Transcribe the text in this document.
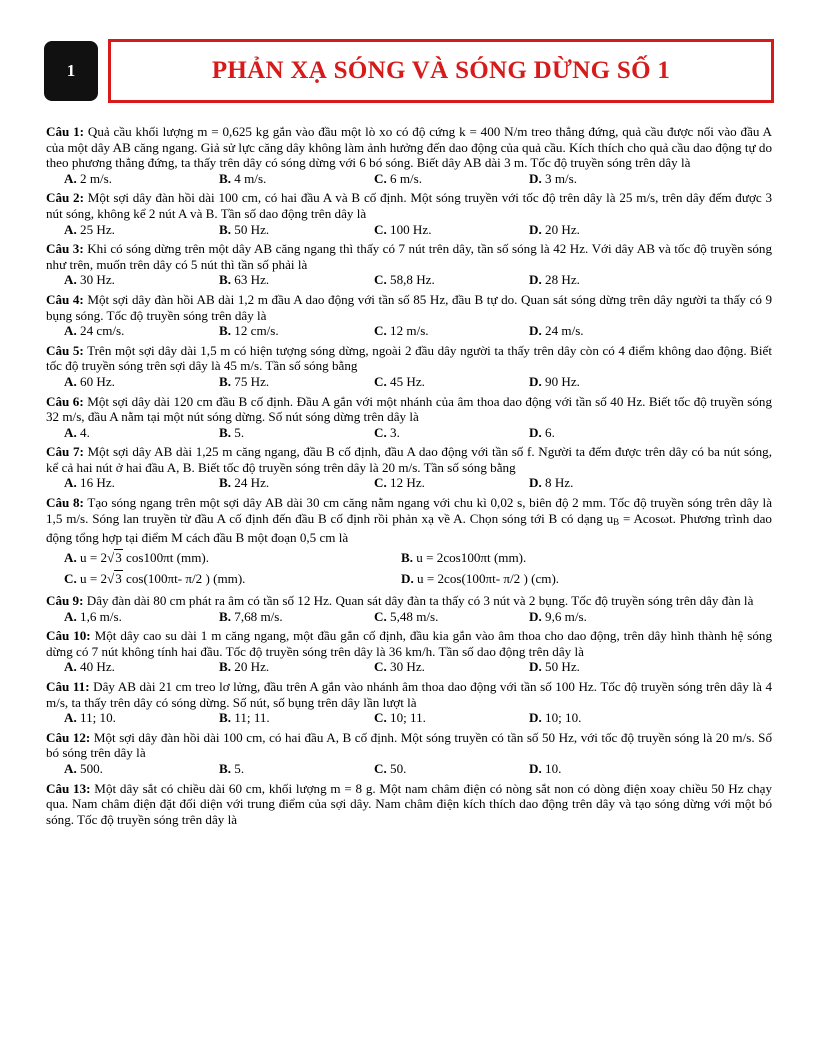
1	PHẢN XẠ SÓNG VÀ SÓNG DỪNG SỐ 1
Câu 1: Quả cầu khối lượng m = 0,625 kg gắn vào đầu một lò xo có độ cứng k = 400 N/m treo thẳng đứng, quả cầu được nối vào đầu A của một dây AB căng ngang. Giả sử lực căng dây không làm ảnh hưởng đến dao động của quả cầu. Kích thích cho quả cầu dao động tự do theo phương thẳng đứng, ta thấy trên dây có sóng dừng với 6 bó sóng. Biết dây AB dài 3 m. Tốc độ truyền sóng trên dây là
A. 2 m/s.	B. 4 m/s.	C. 6 m/s.	D. 3 m/s.
Câu 2: Một sợi dây đàn hồi dài 100 cm, có hai đầu A và B cố định. Một sóng truyền với tốc độ trên dây là 25 m/s, trên dây đếm được 3 nút sóng, không kể 2 nút A và B. Tần số dao động trên dây là
A. 25 Hz.	B. 50 Hz.	C. 100 Hz.	D. 20 Hz.
Câu 3: Khi có sóng dừng trên một dây AB căng ngang thì thấy có 7 nút trên dây, tần số sóng là 42 Hz. Với dây AB và tốc độ truyền sóng như trên, muốn trên dây có 5 nút thì tần số phải là
A. 30 Hz.	B. 63 Hz.	C. 58,8 Hz.	D. 28 Hz.
Câu 4: Một sợi dây đàn hồi AB dài 1,2 m đầu A dao động với tần số 85 Hz, đầu B tự do. Quan sát sóng dừng trên dây người ta thấy có 9 bụng sóng. Tốc độ truyền sóng trên dây là
A. 24 cm/s.	B. 12 cm/s.	C. 12 m/s.	D. 24 m/s.
Câu 5: Trên một sợi dây dài 1,5 m có hiện tượng sóng dừng, ngoài 2 đầu dây người ta thấy trên dây còn có 4 điểm không dao động. Biết tốc độ truyền sóng trên sợi dây là 45 m/s. Tần số sóng bằng
A. 60 Hz.	B. 75 Hz.	C. 45 Hz.	D. 90 Hz.
Câu 6: Một sợi dây dài 120 cm đầu B cố định. Đầu A gắn với một nhánh của âm thoa dao động với tần số 40 Hz. Biết tốc độ truyền sóng 32 m/s, đầu A nằm tại một nút sóng dừng. Số nút sóng dừng trên dây là
A. 4.	B. 5.	C. 3.	D. 6.
Câu 7: Một sợi dây AB dài 1,25 m căng ngang, đầu B cố định, đầu A dao động với tần số f. Người ta đếm được trên dây có ba nút sóng, kể cả hai nút ở hai đầu A, B. Biết tốc độ truyền sóng trên dây là 20 m/s. Tần số sóng bằng
A. 16 Hz.	B. 24 Hz.	C. 12 Hz.	D. 8 Hz.
Câu 8: Tạo sóng ngang trên một sợi dây AB dài 30 cm căng nằm ngang với chu kì 0,02 s, biên độ 2 mm. Tốc độ truyền sóng trên dây là 1,5 m/s. Sóng lan truyền từ đầu A cố định đến đầu B cố định rồi phản xạ về A. Chọn sóng tới B có dạng $u_B = Acos\omega t$. Phương trình dao động tổng hợp tại điểm M cách đầu B một đoạn 0,5 cm là
A. u = 2√3 cos100πt (mm).	B. u = 2cos100πt (mm).
C. u = 2√3 cos(100πt- π/2 ) (mm).	D. u = 2cos(100πt- π/2 ) (cm).
Câu 9: Dây đàn dài 80 cm phát ra âm có tần số 12 Hz. Quan sát dây đàn ta thấy có 3 nút và 2 bụng. Tốc độ truyền sóng trên dây đàn là
A. 1,6 m/s.	B. 7,68 m/s.	C. 5,48 m/s.	D. 9,6 m/s.
Câu 10: Một dây cao su dài 1 m căng ngang, một đầu gắn cố định, đầu kia gắn vào âm thoa cho dao động, trên dây hình thành hệ sóng dừng có 7 nút không tính hai đầu. Tốc độ truyền sóng trên dây là 36 km/h. Tần số dao động trên dây là
A. 40 Hz.	B. 20 Hz.	C. 30 Hz.	D. 50 Hz.
Câu 11: Dây AB dài 21 cm treo lơ lửng, đầu trên A gắn vào nhánh âm thoa dao động với tần số 100 Hz. Tốc độ truyền sóng trên dây là 4 m/s, ta thấy trên dây có sóng dừng. Số nút, số bụng trên dây lần lượt là
A. 11; 10.	B. 11; 11.	C. 10; 11.	D. 10; 10.
Câu 12: Một sợi dây đàn hồi dài 100 cm, có hai đầu A, B cố định. Một sóng truyền có tần số 50 Hz, với tốc độ truyền sóng là 20 m/s. Số bó sóng trên dây là
A. 500.	B. 5.	C. 50.	D. 10.
Câu 13: Một dây sắt có chiều dài 60 cm, khối lượng m = 8 g. Một nam châm điện có nòng sắt non có dòng điện xoay chiều 50 Hz chạy qua. Nam châm điện đặt đối diện với trung điểm của sợi dây. Nam châm điện kích thích dao động trên dây và tạo sóng dừng với một bó sóng. Tốc độ truyền sóng trên dây là
